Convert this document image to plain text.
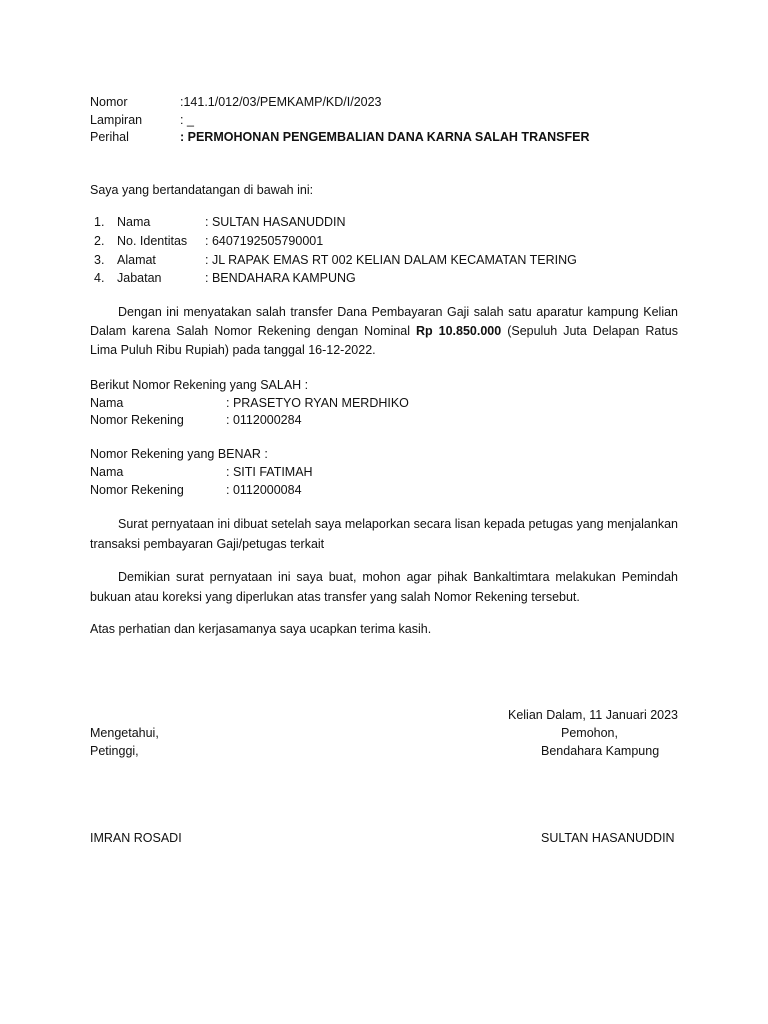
Nomor	:141.1/012/03/PEMKAMP/KD/I/2023
Lampiran	: _
Perihal	: PERMOHONAN PENGEMBALIAN DANA KARNA SALAH TRANSFER
Saya yang bertandatangan di bawah ini:
1. Nama	: SULTAN HASANUDDIN
2. No. Identitas : 6407192505790001
3. Alamat	: JL RAPAK EMAS RT 002 KELIAN DALAM KECAMATAN TERING
4. Jabatan	: BENDAHARA KAMPUNG
Dengan ini menyatakan salah transfer Dana Pembayaran Gaji salah satu aparatur kampung Kelian Dalam karena Salah Nomor Rekening dengan Nominal Rp 10.850.000 (Sepuluh Juta Delapan Ratus Lima Puluh Ribu Rupiah) pada tanggal 16-12-2022.
Berikut Nomor Rekening yang SALAH :
Nama	: PRASETYO RYAN MERDHIKO
Nomor Rekening	: 0112000284
Nomor Rekening yang BENAR :
Nama	: SITI FATIMAH
Nomor Rekening	: 0112000084
Surat pernyataan ini dibuat setelah saya melaporkan secara lisan kepada petugas yang menjalankan transaksi pembayaran Gaji/petugas terkait
Demikian surat pernyataan ini saya buat, mohon agar pihak Bankaltimtara melakukan Pemindah bukuan atau koreksi yang diperlukan atas transfer yang salah Nomor Rekening tersebut.
Atas perhatian dan kerjasamanya saya ucapkan terima kasih.
Kelian Dalam, 11 Januari 2023
Mengetahui,
Petinggi,
Pemohon,
Bendahara Kampung
IMRAN ROSADI	SULTAN HASANUDDIN
